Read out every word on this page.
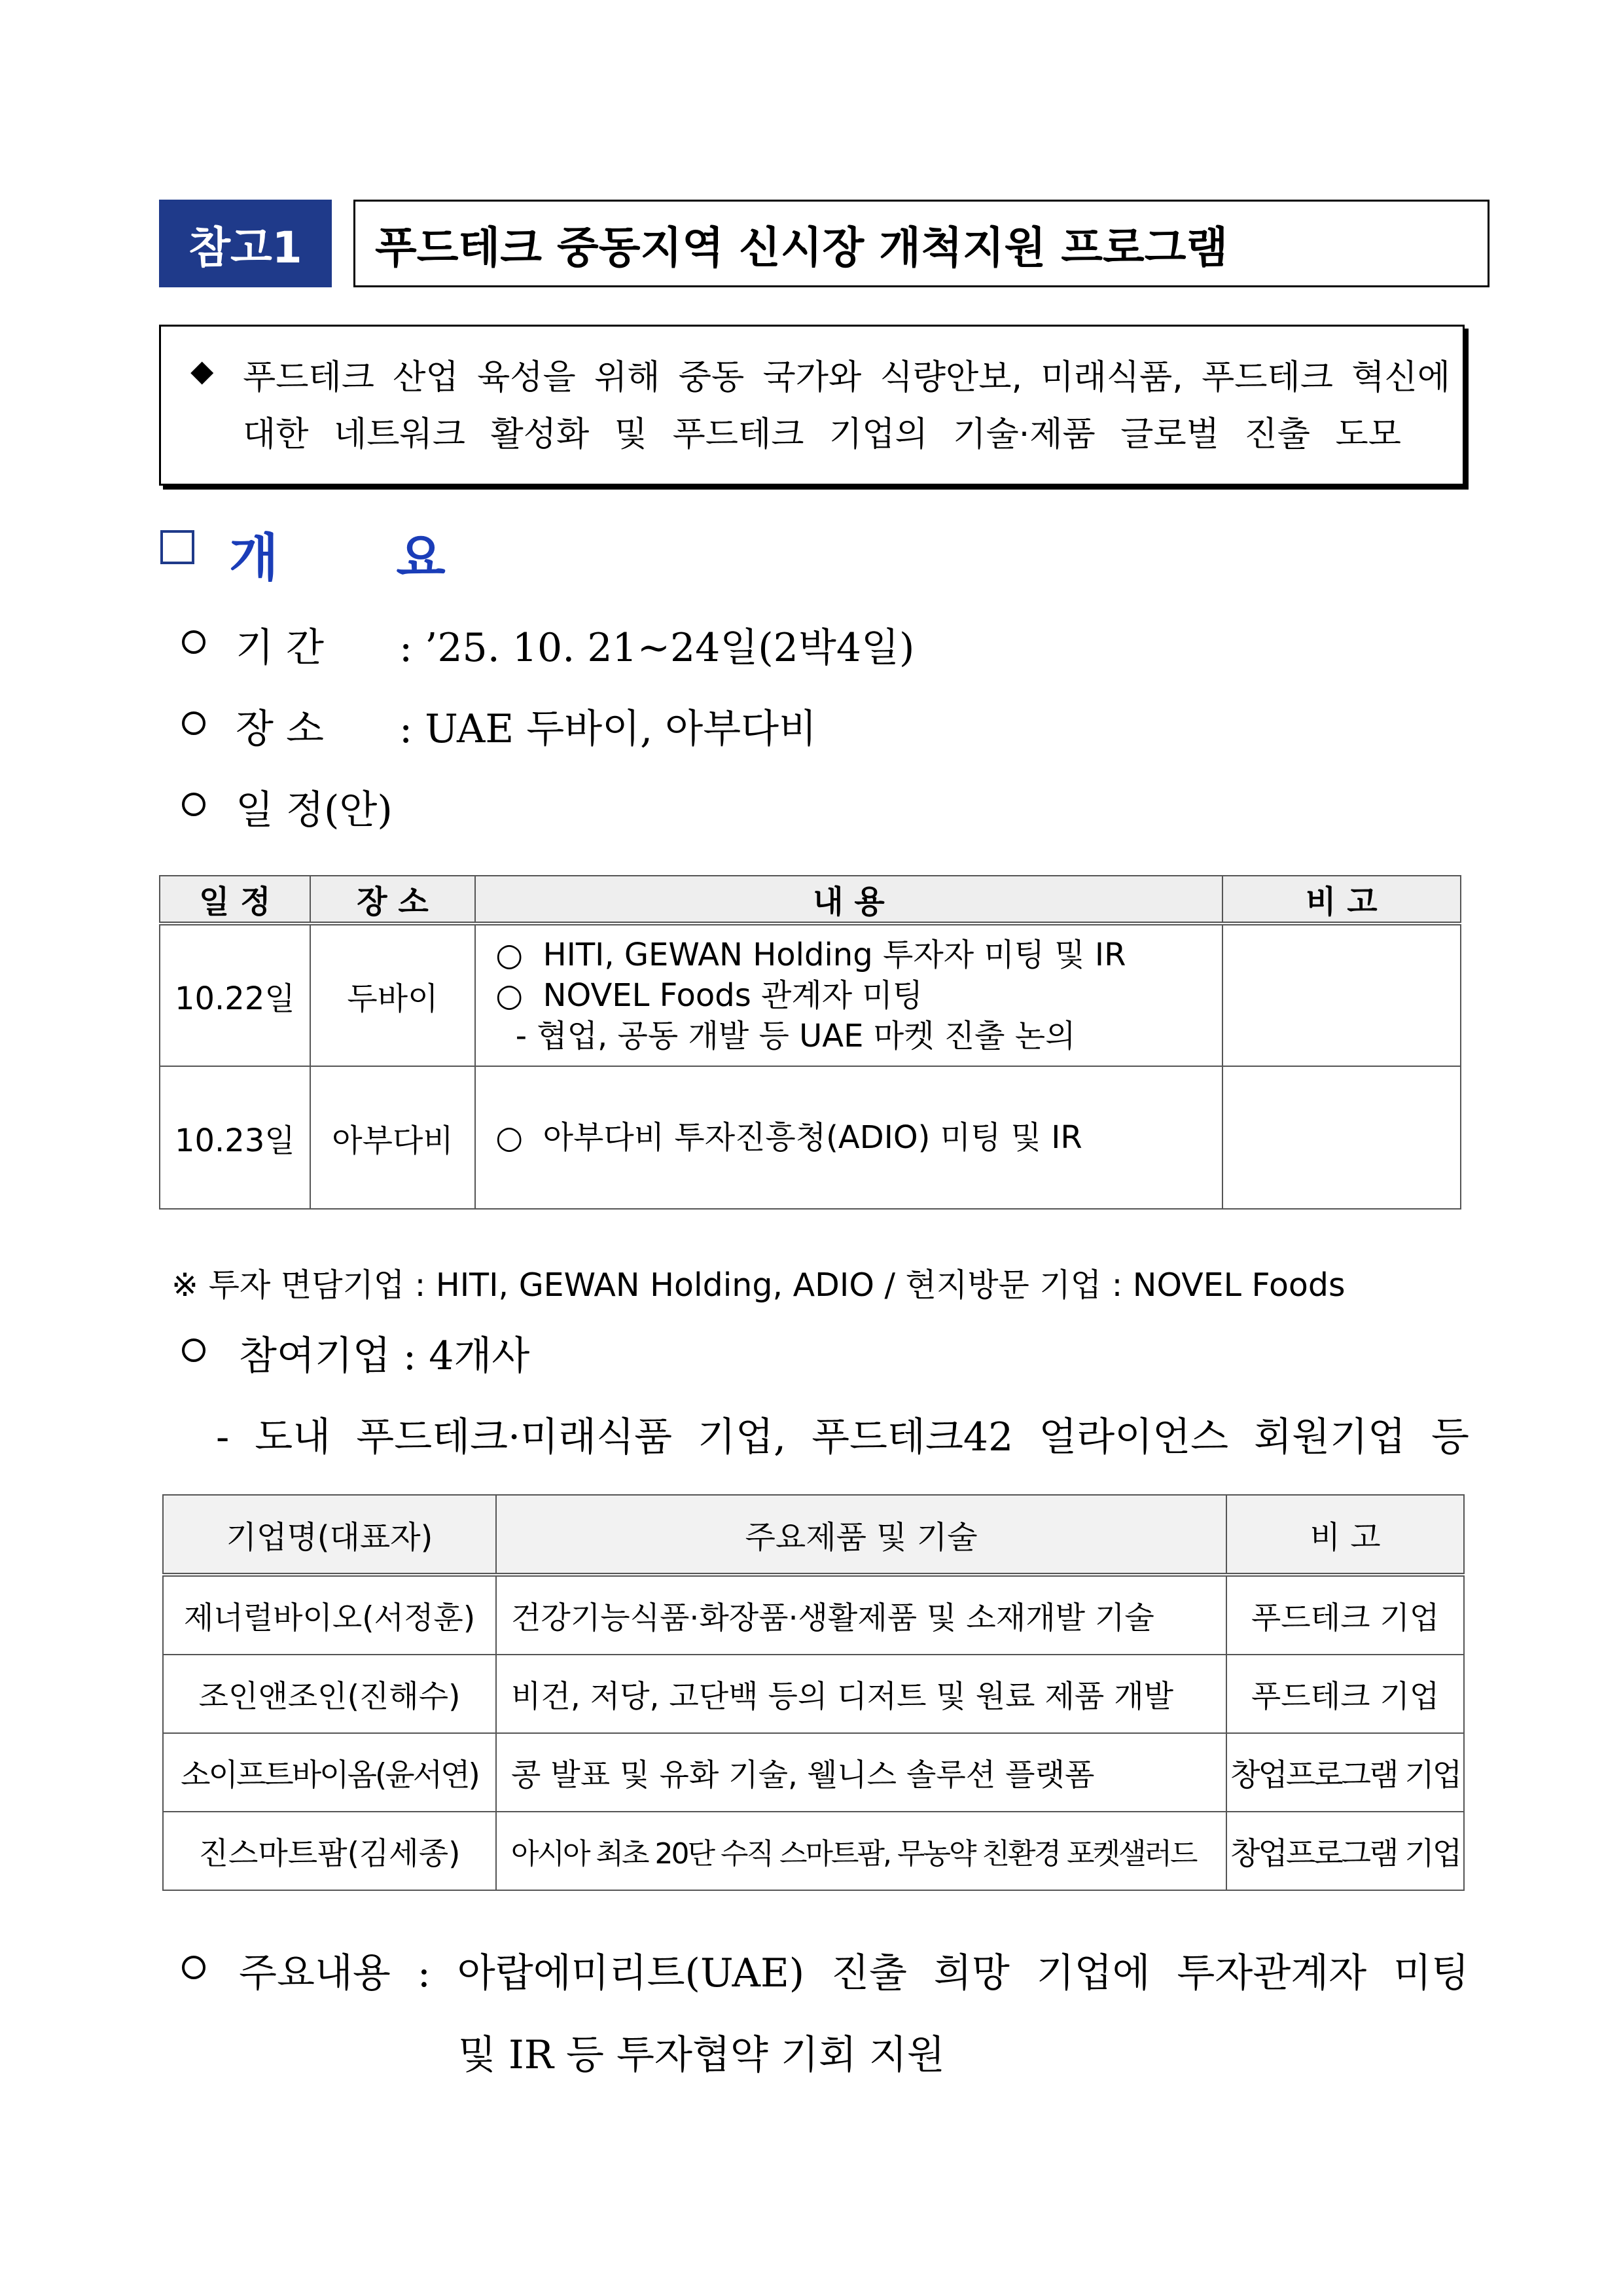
참고1	푸드테크 중동지역 신시장 개척지원 프로그램
◆ 푸드테크 산업 육성을 위해 중동 국가와 식량안보, 미래식품, 푸드테크 혁신에
대한 네트워크 활성화 및 푸드테크 기업의 기술·제품 글로벌 진출 도모
개요
기 간 : ’25. 10. 21~24일(2박4일)
장 소 : UAE 두바이, 아부다비
일 정(안)
일 정	장 소	내 용	비 고
10.22일	두바이	○  HITI, GEWAN Holding 투자자 미팅 및 IR
○  NOVEL Foods 관계자 미팅
- 협업, 공동 개발 등 UAE 마켓 진출 논의	

10.23일	아부다비	○  아부다비 투자진흥청(ADIO) 미팅 및 IR	

※ 투자 면담기업 : HITI, GEWAN Holding, ADIO / 현지방문 기업 : NOVEL Foods
참여기업 : 4개사
- 도내 푸드테크·미래식품 기업, 푸드테크42 얼라이언스 회원기업 등
기업명(대표자)	주요제품 및 기술	비 고
제너럴바이오(서정훈)	건강기능식품·화장품·생활제품 및 소재개발 기술	푸드테크 기업
조인앤조인(진해수)	비건, 저당, 고단백 등의 디저트 및 원료 제품 개발	푸드테크 기업
소이프트바이옴(윤서연)	콩 발표 및 유화 기술, 웰니스 솔루션 플랫폼	창업프로그램 기업
진스마트팜(김세종)	아시아 최초 20단 수직 스마트팜, 무농약 친환경 포켓샐러드	창업프로그램 기업
주요내용 : 아랍에미리트(UAE) 진출 희망 기업에 투자관계자 미팅
및 IR 등 투자협약 기회 지원
